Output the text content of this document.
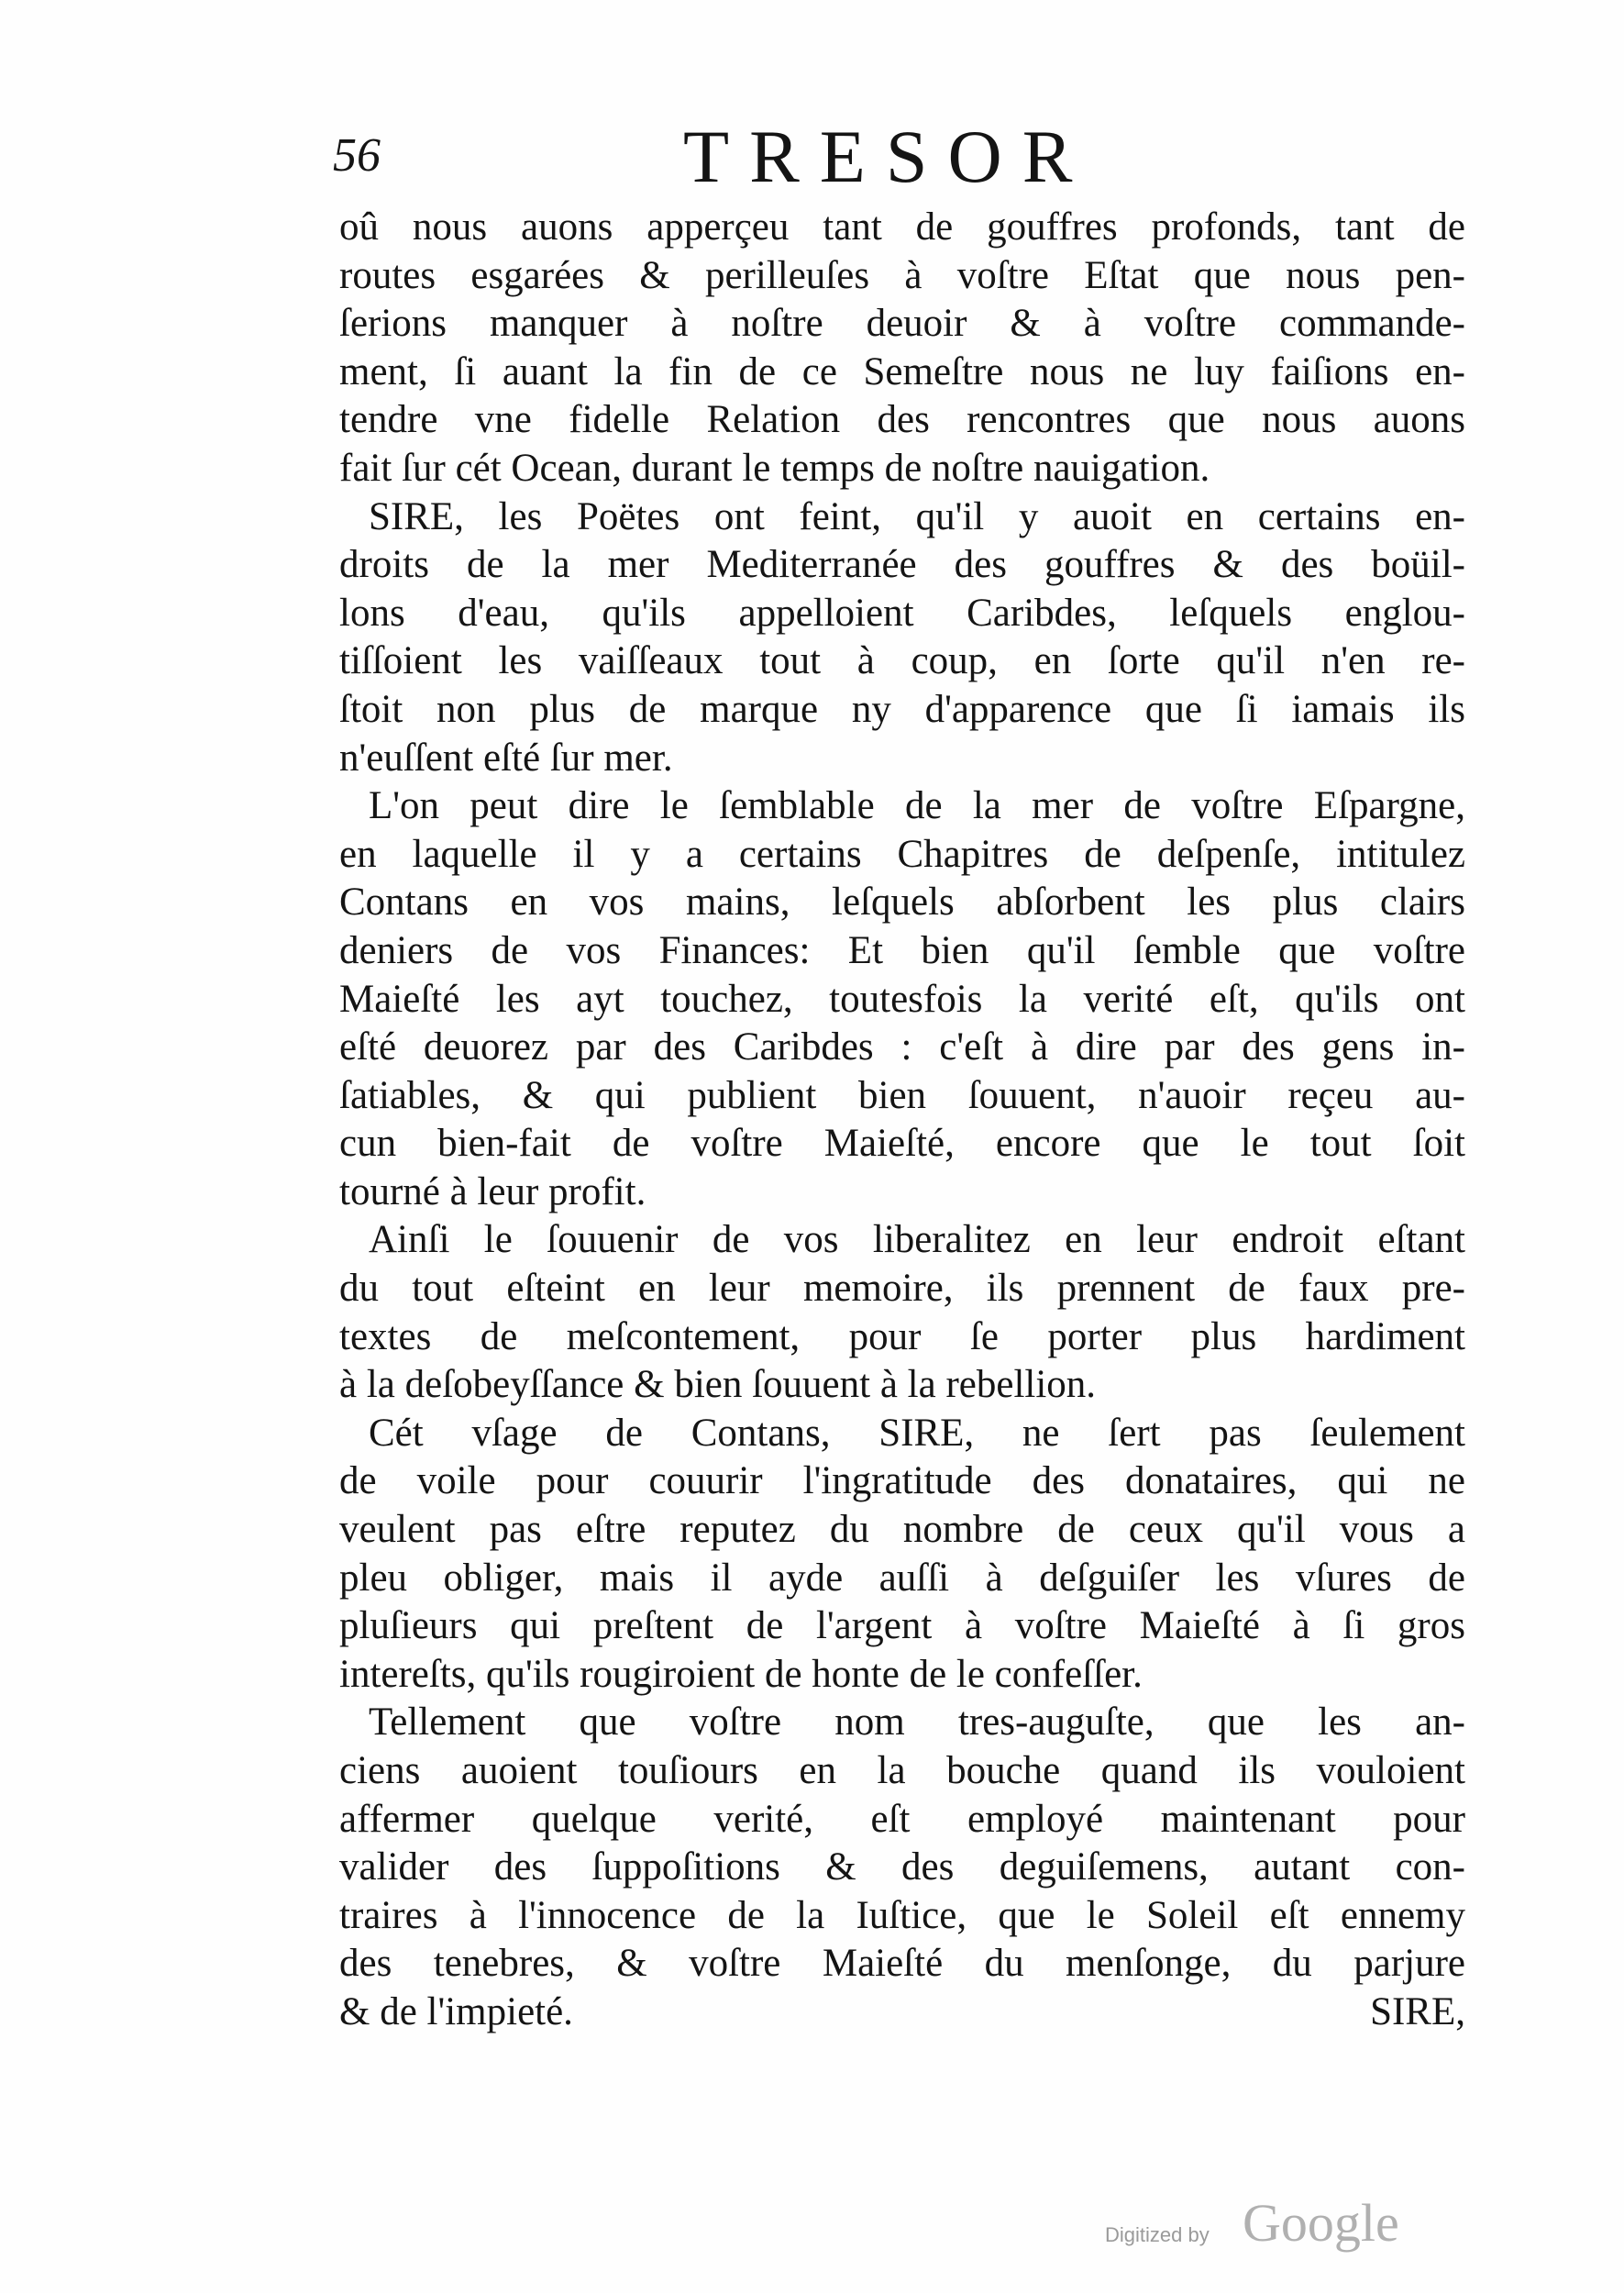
56	TRESOR
oû nous auons apperçeu tant de gouffres profonds, tant de
routes esgarées & perilleuſes à voſtre Eſtat que nous pen-
ſerions manquer à noſtre deuoir & à voſtre commande-
ment, ſi auant la fin de ce Semeſtre nous ne luy faiſions en-
tendre vne fidelle Relation des rencontres que nous auons
fait ſur cét Ocean, durant le temps de noſtre nauigation.
SIRE, les Poëtes ont feint, qu'il y auoit en certains en-
droits de la mer Mediterranée des gouffres & des boüil-
lons d'eau, qu'ils appelloient Caribdes, leſquels englou-
tiſſoient les vaiſſeaux tout à coup, en ſorte qu'il n'en re-
ſtoit non plus de marque ny d'apparence que ſi iamais ils
n'euſſent eſté ſur mer.
L'on peut dire le ſemblable de la mer de voſtre Eſpargne,
en laquelle il y a certains Chapitres de deſpenſe, intitulez
Contans en vos mains, leſquels abſorbent les plus clairs
deniers de vos Finances: Et bien qu'il ſemble que voſtre
Maieſté les ayt touchez, toutesfois la verité eſt, qu'ils ont
eſté deuorez par des Caribdes : c'eſt à dire par des gens in-
ſatiables, & qui publient bien ſouuent, n'auoir reçeu au-
cun bien-fait de voſtre Maieſté, encore que le tout ſoit
tourné à leur profit.
Ainſi le ſouuenir de vos liberalitez en leur endroit eſtant
du tout eſteint en leur memoire, ils prennent de faux pre-
textes de meſcontement, pour ſe porter plus hardiment
à la deſobeyſſance & bien ſouuent à la rebellion.
Cét vſage de Contans, SIRE, ne ſert pas ſeulement
de voile pour couurir l'ingratitude des donataires, qui ne
veulent pas eſtre reputez du nombre de ceux qu'il vous a
pleu obliger, mais il ayde auſſi à deſguiſer les vſures de
pluſieurs qui preſtent de l'argent à voſtre Maieſté à ſi gros
intereſts, qu'ils rougiroient de honte de le confeſſer.
Tellement que voſtre nom tres-auguſte, que les an-
ciens auoient touſiours en la bouche quand ils vouloient
affermer quelque verité, eſt employé maintenant pour
valider des ſuppoſitions & des deguiſemens, autant con-
traires à l'innocence de la Iuſtice, que le Soleil eſt ennemy
des tenebres, & voſtre Maieſté du menſonge, du parjure
& de l'impieté.	SIRE,
Digitized by Google
